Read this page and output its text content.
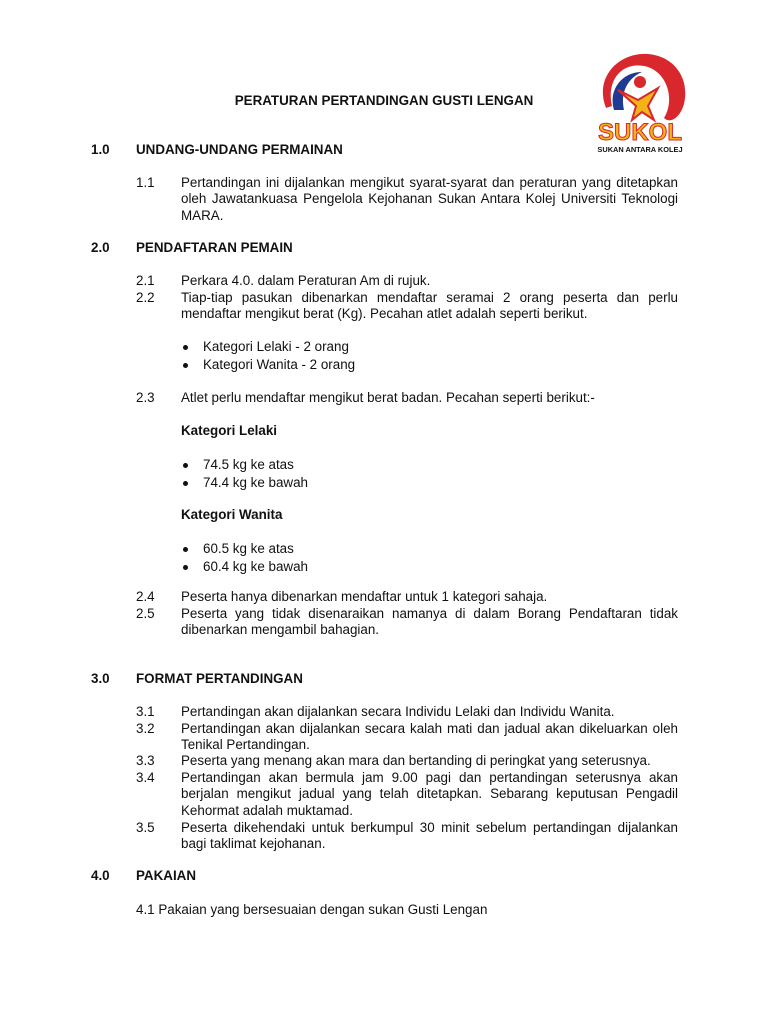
SUKOL
SUKAN ANTARA KOLEJ
PERATURAN PERTANDINGAN GUSTI LENGAN
1.0 UNDANG-UNDANG PERMAINAN
1.1 Pertandingan ini dijalankan mengikut syarat-syarat dan peraturan yang ditetapkan oleh Jawatankuasa Pengelola Kejohanan Sukan Antara Kolej Universiti Teknologi MARA.
2.0 PENDAFTARAN PEMAIN
2.1 Perkara 4.0. dalam Peraturan Am di rujuk.
2.2 Tiap-tiap pasukan dibenarkan mendaftar seramai 2 orang peserta dan perlu mendaftar mengikut berat (Kg). Pecahan atlet adalah seperti berikut.
Kategori Lelaki - 2 orang
Kategori Wanita - 2 orang
2.3 Atlet perlu mendaftar mengikut berat badan. Pecahan seperti berikut:-
Kategori Lelaki
74.5 kg ke atas
74.4 kg ke bawah
Kategori Wanita
60.5 kg ke atas
60.4 kg ke bawah
2.4 Peserta hanya dibenarkan mendaftar untuk 1 kategori sahaja.
2.5 Peserta yang tidak disenaraikan namanya di dalam Borang Pendaftaran tidak dibenarkan mengambil bahagian.
3.0 FORMAT PERTANDINGAN
3.1 Pertandingan akan dijalankan secara Individu Lelaki dan Individu Wanita.
3.2 Pertandingan akan dijalankan secara kalah mati dan jadual akan dikeluarkan oleh Tenikal Pertandingan.
3.3 Peserta yang menang akan mara dan bertanding di peringkat yang seterusnya.
3.4 Pertandingan akan bermula jam 9.00 pagi dan pertandingan seterusnya akan berjalan mengikut jadual yang telah ditetapkan. Sebarang keputusan Pengadil Kehormat adalah muktamad.
3.5 Peserta dikehendaki untuk berkumpul 30 minit sebelum pertandingan dijalankan bagi taklimat kejohanan.
4.0 PAKAIAN
4.1 Pakaian yang bersesuaian dengan sukan Gusti Lengan
